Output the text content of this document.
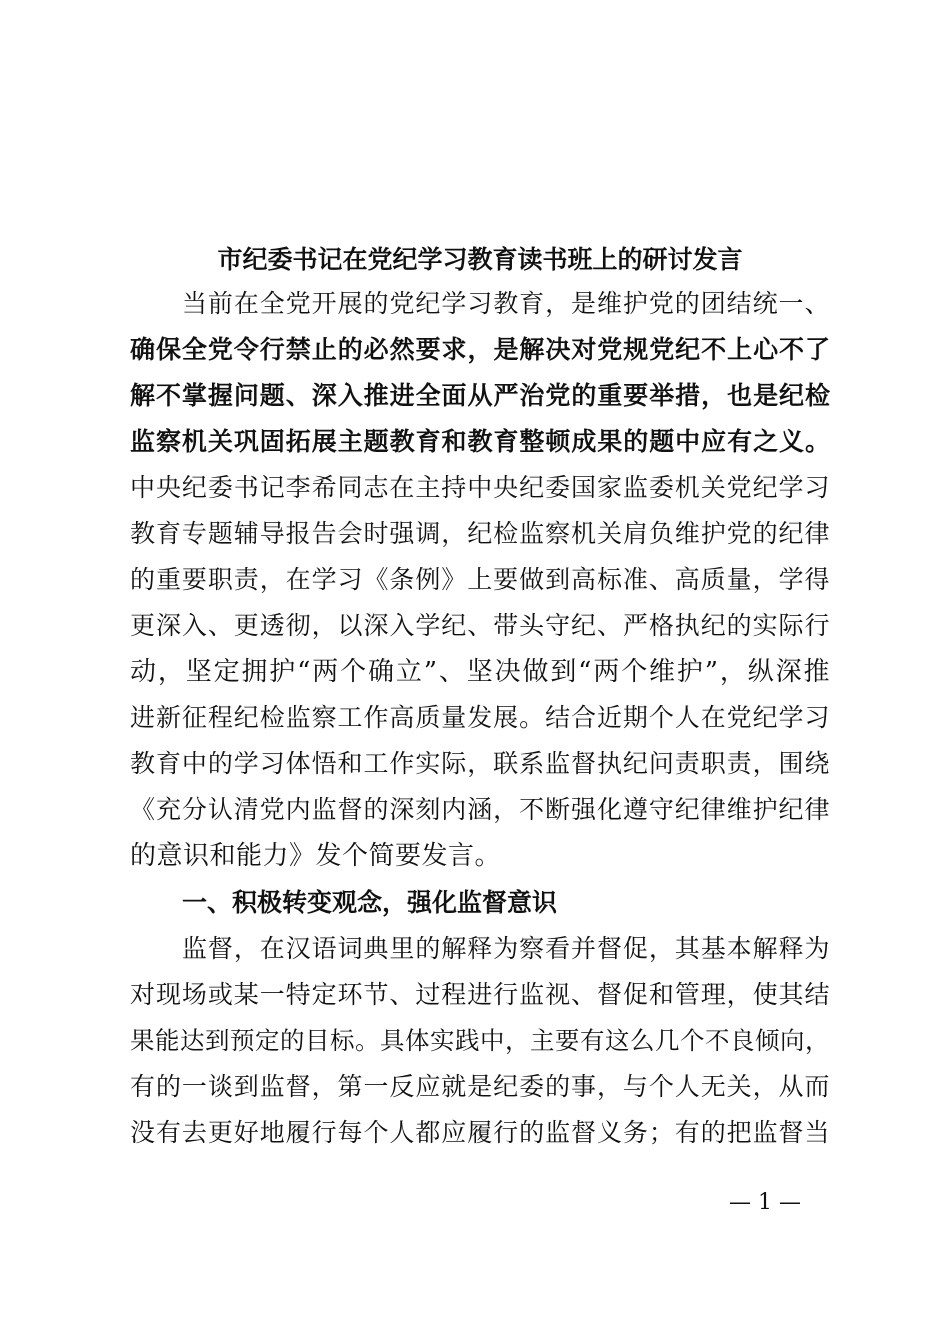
市纪委书记在党纪学习教育读书班上的研讨发言
当前在全党开展的党纪学习教育，是维护党的团结统一、
确保全党令行禁止的必然要求，是解决对党规党纪不上心不了
解不掌握问题、深入推进全面从严治党的重要举措，也是纪检
监察机关巩固拓展主题教育和教育整顿成果的题中应有之义。
中央纪委书记李希同志在主持中央纪委国家监委机关党纪学习
教育专题辅导报告会时强调，纪检监察机关肩负维护党的纪律
的重要职责，在学习《条例》上要做到高标准、高质量，学得
更深入、更透彻，以深入学纪、带头守纪、严格执纪的实际行
动，坚定拥护“两个确立”、坚决做到“两个维护”，纵深推
进新征程纪检监察工作高质量发展。结合近期个人在党纪学习
教育中的学习体悟和工作实际，联系监督执纪问责职责，围绕
《充分认清党内监督的深刻内涵，不断强化遵守纪律维护纪律
的意识和能力》发个简要发言。
一、积极转变观念，强化监督意识
监督，在汉语词典里的解释为察看并督促，其基本解释为
对现场或某一特定环节、过程进行监视、督促和管理，使其结
果能达到预定的目标。具体实践中，主要有这么几个不良倾向，
有的一谈到监督，第一反应就是纪委的事，与个人无关，从而
没有去更好地履行每个人都应履行的监督义务；有的把监督当
— 1 —
